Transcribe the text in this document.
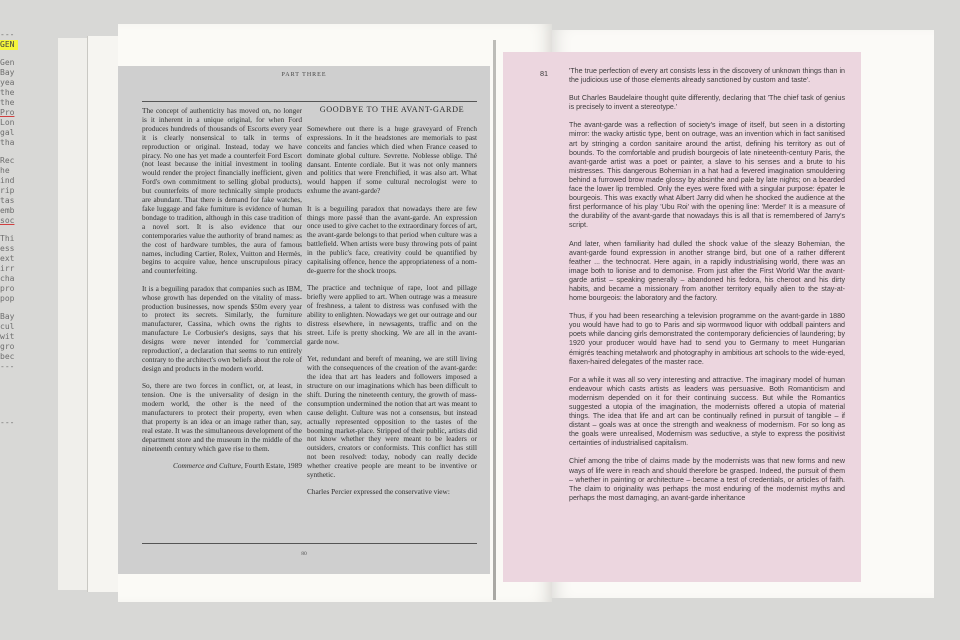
---
GEN
Gen
Bay
yea
the
the
Pro
Lon
gal
tha
Rec
he
ind
rip
tas
emb
soc
Thi
ess
ext
irr
cha
pro
pop
Bay
cul
wit
gro
bec
---
---
PART THREE

The concept of authenticity has moved on, no longer is it inherent in a unique original, for when Ford produces hundreds of thousands of Escorts every year it is clearly nonsensical to talk in terms of reproduction or original. Instead, today we have piracy. No one has yet made a counterfeit Ford Escort (not least because the initial investment in tooling would render the project financially inefficient, given Ford's own commitment to selling global products), but counterfeits of more technically simple products are abundant. That there is demand for fake watches, fake luggage and fake furniture is evidence of human bondage to tradition, although in this case tradition of a novel sort. It is also evidence that our contemporaries value the authority of brand names: as the cost of hardware tumbles, the aura of famous names, including Cartier, Rolex, Vuitton and Hermès, begins to acquire value, hence unscrupulous piracy and counterfeiting.

It is a beguiling paradox that companies such as IBM, whose growth has depended on the vitality of mass-production businesses, now spends $50m every year to protect its secrets. Similarly, the furniture manufacturer, Cassina, which owns the rights to manufacture Le Corbusier's designs, says that his designs were never intended for 'commercial reproduction', a declaration that seems to run entirely contrary to the architect's own beliefs about the role of design and products in the modern world.

So, there are two forces in conflict, or, at least, in tension. One is the universality of design in the modern world, the other is the need of the manufacturers to protect their property, even when that property is an idea or an image rather than, say, real estate. It was the simultaneous development of the department store and the museum in the middle of the nineteenth century which gave rise to them.

Commerce and Culture, Fourth Estate, 1989

GOODBYE TO THE AVANT-GARDE

Somewhere out there is a huge graveyard of French expressions. In it the headstones are memorials to past conceits and fancies which died when France ceased to dominate global culture. Sevrette. Noblesse oblige. Thé dansant. Entente cordiale. But it was not only manners and politics that were Frenchified, it was also art. What would happen if some cultural necrologist were to exhume the avant-garde?

It is a beguiling paradox that nowadays there are few things more passé than the avant-garde. An expression once used to give cachet to the extraordinary forces of art, the avant-garde belongs to that period when culture was a battlefield. When artists were busy throwing pots of paint in the public's face, creativity could be quantified by capitalising offence, hence the appropriateness of a nom-de-guerre for the shock troops.

The practice and technique of rape, loot and pillage briefly were applied to art. When outrage was a measure of freshness, a talent to distress was confused with the ability to enlighten. Nowadays we get our outrage and our distress elsewhere, in newsagents, traffic and on the street. Life is pretty shocking. We are all in the avant-garde now.

Yet, redundant and bereft of meaning, we are still living with the consequences of the creation of the avant-garde: the idea that art has leaders and followers imposed a structure on our imaginations which has been difficult to shift. During the nineteenth century, the growth of mass-consumption undermined the notion that art was meant to cause delight. Culture was not a consensus, but instead actually represented opposition to the tastes of the booming market-place. Stripped of their public, artists did not know whether they were meant to be leaders or outsiders, creators or conformists. This conflict has still not been resolved: today, nobody can really decide whether creative people are meant to be inventive or synthetic.

Charles Percier expressed the conservative view:

80
81	'The true perfection of every art consists less in the discovery of unknown things than in the judicious use of those elements already sanctioned by custom and taste'.

But Charles Baudelaire thought quite differently, declaring that 'The chief task of genius is precisely to invent a stereotype.'

The avant-garde was a reflection of society's image of itself, but seen in a distorting mirror: the wacky artistic type, bent on outrage, was an invention which in fact sanitised art by stringing a cordon sanitaire around the artist, defining his territory as out of bounds. To the comfortable and prudish bourgeois of late nineteenth-century Paris, the avant-garde artist was a poet or painter, a slave to his senses and a brute to his mistresses. This dangerous Bohemian in a hat had a fevered imagination smouldering behind a furrowed brow made glossy by absinthe and pale by late nights; on a bearded face the lower lip trembled. Only the eyes were fixed with a singular purpose: épater le bourgeois. This was exactly what Albert Jarry did when he shocked the audience at the first performance of his play 'Ubu Roi' with the opening line: 'Merde!' It is a measure of the durability of the avant-garde that nowadays this is all that is remembered of Jarry's script.

And later, when familiarity had dulled the shock value of the sleazy Bohemian, the avant-garde found expression in another strange bird, but one of a rather different feather ... the technocrat. Here again, in a rapidly industrialising world, there was an image both to lionise and to demonise. From just after the First World War the avant-garde artist – speaking generally – abandoned his fedora, his cheroot and his dirty habits, and became a missionary from another territory equally alien to the stay-at-home bourgeois: the laboratory and the factory.

Thus, if you had been researching a television programme on the avant-garde in 1880 you would have had to go to Paris and sip wormwood liquor with oddball painters and poets while dancing girls demonstrated the contemporary deficiencies of laundering; by 1920 your producer would have had to send you to Germany to meet Hungarian émigrés teaching metalwork and photography in ambitious art schools to the wide-eyed, flaxen-haired delegates of the master race.

For a while it was all so very interesting and attractive. The imaginary model of human endeavour which casts artists as leaders was persuasive. Both Romanticism and modernism depended on it for their continuing success. But while the Romantics suggested a utopia of the imagination, the modernists offered a utopia of material things. The idea that life and art can be continually refined in pursuit of tangible – if distant – goals was at once the strength and weakness of modernism. For so long as the goals were unrealised, Modernism was seductive, a style to express the positivist certainties of industrialised capitalism.

Chief among the tribe of claims made by the modernists was that new forms and new ways of life were in reach and should therefore be grasped. Indeed, the pursuit of them – whether in painting or architecture – became a test of credentials, or articles of faith. The claim to originality was perhaps the most enduring of the modernist myths and perhaps the most damaging, an avant-garde inheritance
